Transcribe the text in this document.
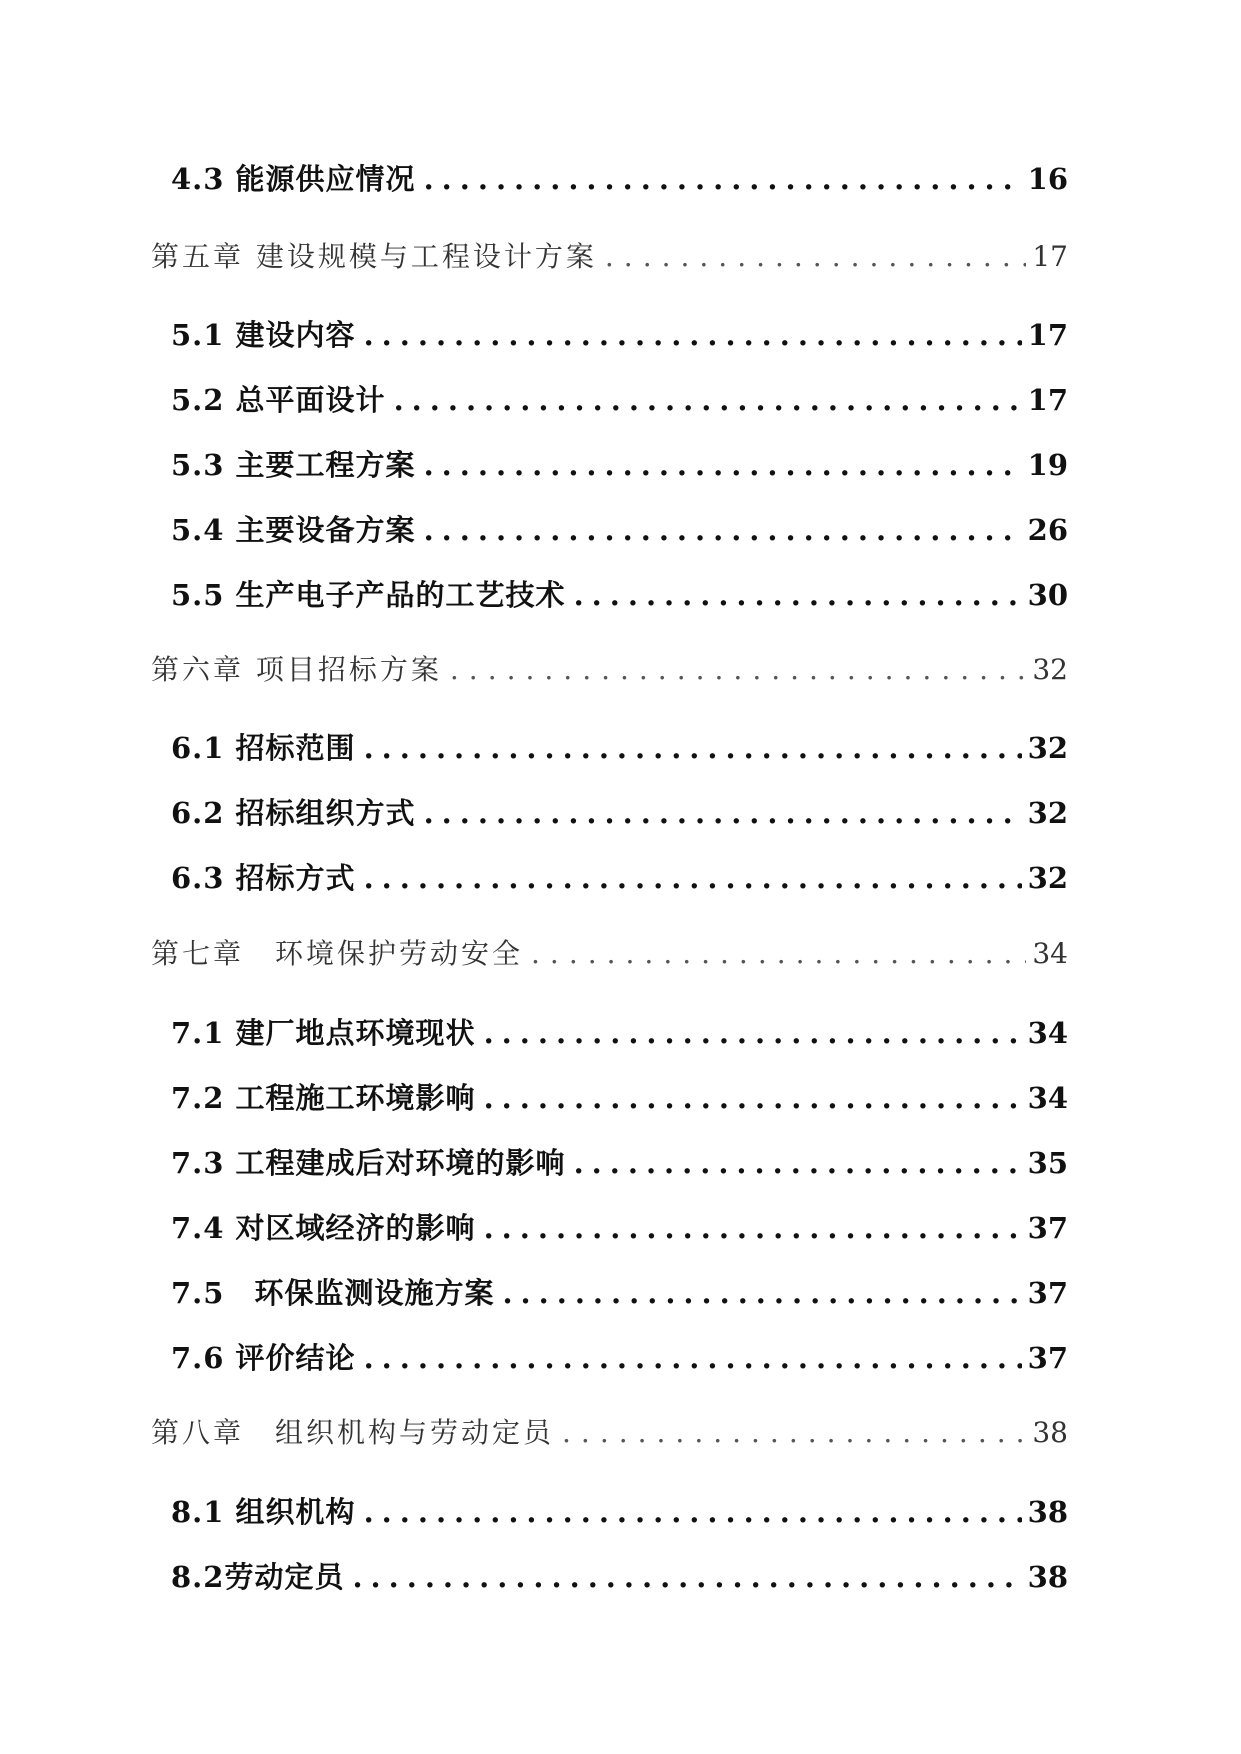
4.3 能源供应情况 .....	16
第五章 建设规模与工程设计方案 .....	17
5.1 建设内容 .....	17
5.2 总平面设计 .....	17
5.3 主要工程方案 .....	19
5.4 主要设备方案 .....	26
5.5 生产电子产品的工艺技术 .....	30
第六章 项目招标方案 .....	32
6.1 招标范围 .....	32
6.2 招标组织方式 .....	32
6.3 招标方式 .....	32
第七章　环境保护劳动安全 .....	34
7.1 建厂地点环境现状 .....	34
7.2 工程施工环境影响 .....	34
7.3 工程建成后对环境的影响 .....	35
7.4 对区域经济的影响 .....	37
7.5　环保监测设施方案 .....	37
7.6 评价结论 .....	37
第八章　组织机构与劳动定员 .....	38
8.1 组织机构 .....	38
8.2劳动定员 .....	38
